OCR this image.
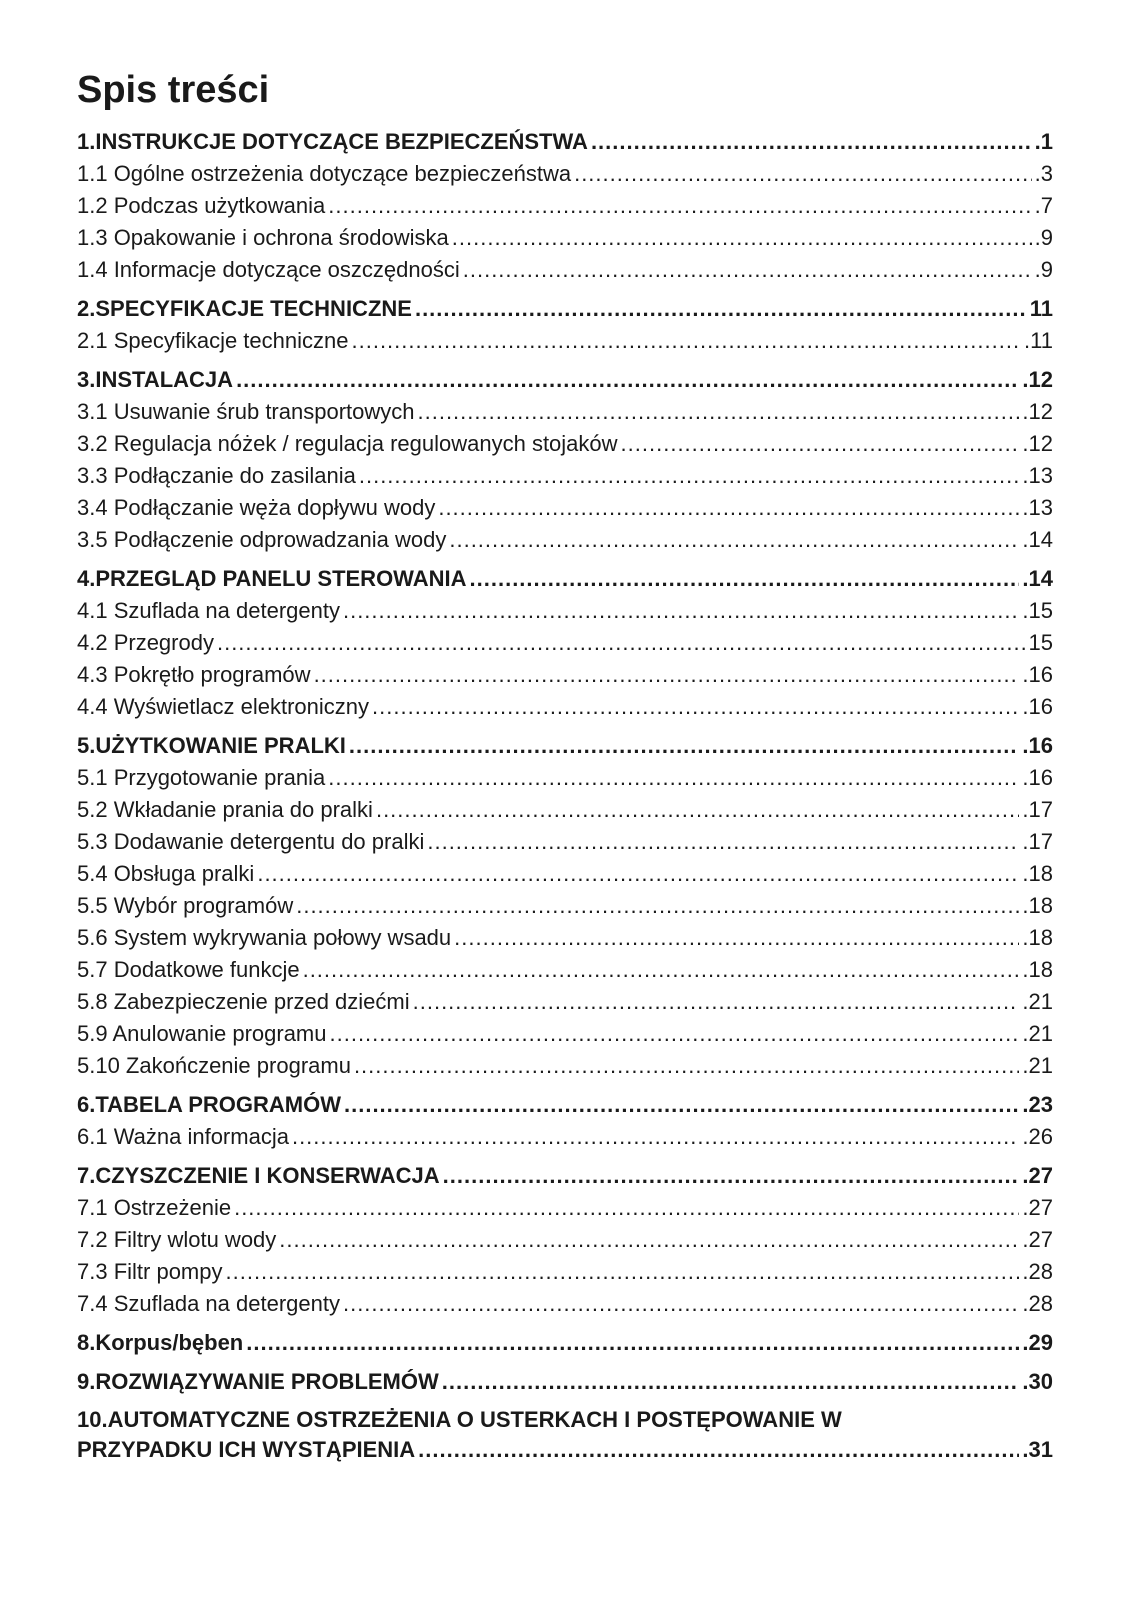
Spis treści
1.INSTRUKCJE DOTYCZĄCE BEZPIECZEŃSTWA .....	.1
1.1 Ogólne ostrzeżenia dotyczące bezpieczeństwa .....	.3
1.2 Podczas użytkowania .....	.7
1.3 Opakowanie i ochrona środowiska .....	.9
1.4 Informacje dotyczące oszczędności .....	.9
2.SPECYFIKACJE TECHNICZNE .....	11
2.1 Specyfikacje techniczne .....	.11
3.INSTALACJA .....	.12
3.1 Usuwanie śrub transportowych .....	.12
3.2 Regulacja nóżek / regulacja regulowanych stojaków .....	.12
3.3 Podłączanie do zasilania .....	.13
3.4 Podłączanie węża dopływu wody .....	.13
3.5 Podłączenie odprowadzania wody .....	.14
4.PRZEGLĄD PANELU STEROWANIA .....	.14
4.1 Szuflada na detergenty .....	.15
4.2 Przegrody .....	15
4.3 Pokrętło programów .....	.16
4.4 Wyświetlacz elektroniczny .....	.16
5.UŻYTKOWANIE PRALKI .....	.16
5.1 Przygotowanie prania .....	.16
5.2 Wkładanie prania do pralki .....	.17
5.3 Dodawanie detergentu do pralki .....	.17
5.4 Obsługa pralki .....	.18
5.5 Wybór programów .....	.18
5.6 System wykrywania połowy wsadu .....	.18
5.7 Dodatkowe funkcje .....	.18
5.8 Zabezpieczenie przed dziećmi .....	.21
5.9 Anulowanie programu .....	.21
5.10 Zakończenie programu .....	.21
6.TABELA PROGRAMÓW .....	.23
6.1 Ważna informacja .....	.26
7.CZYSZCZENIE I KONSERWACJA .....	.27
7.1 Ostrzeżenie .....	.27
7.2 Filtry wlotu wody .....	.27
7.3 Filtr pompy .....	.28
7.4 Szuflada na detergenty .....	.28
8.Korpus/bęben .....	.29
9.ROZWIĄZYWANIE PROBLEMÓW .....	.30
10.AUTOMATYCZNE OSTRZEŻENIA O USTERKACH I POSTĘPOWANIE W
PRZYPADKU ICH WYSTĄPIENIA .....	.31
